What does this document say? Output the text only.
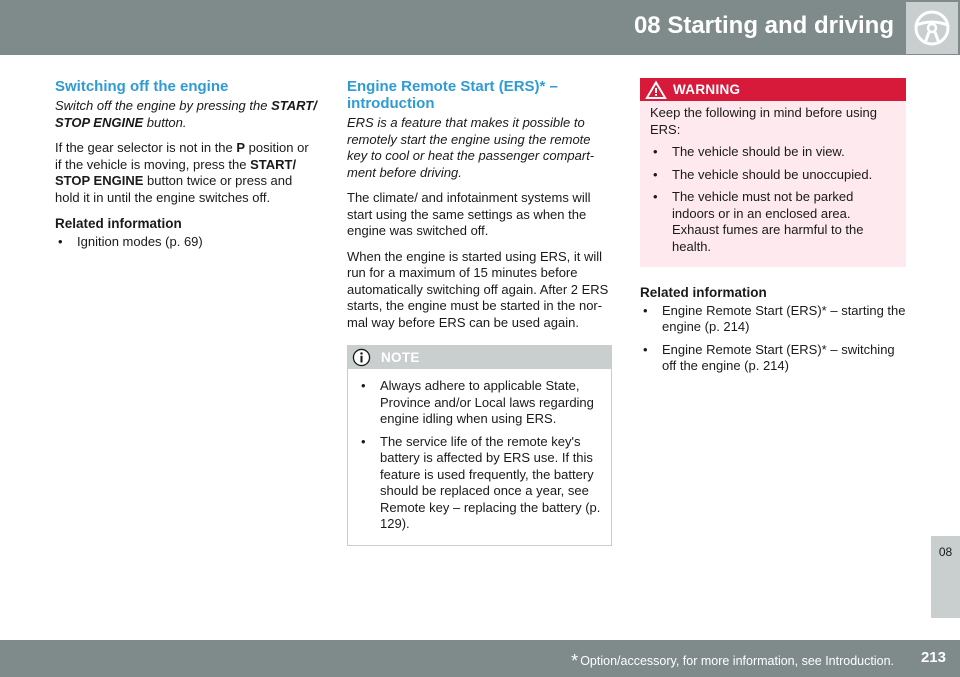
08 Starting and driving
Switching off the engine

Switch off the engine by pressing the START/ STOP ENGINE button.

If the gear selector is not in the P position or if the vehicle is moving, press the START/ STOP ENGINE button twice or press and hold it in until the engine switches off.

Related information
• Ignition modes (p. 69)
Engine Remote Start (ERS)* – introduction

ERS is a feature that makes it possible to remotely start the engine using the remote key to cool or heat the passenger compart- ment before driving.

The climate/ and infotainment systems will start using the same settings as when the engine was switched off.

When the engine is started using ERS, it will run for a maximum of 15 minutes before automatically switching off again. After 2 ERS starts, the engine must be started in the nor- mal way before ERS can be used again.

NOTE
• Always adhere to applicable State, Province and/or Local laws regarding engine idling when using ERS.
• The service life of the remote key's battery is affected by ERS use. If this feature is used frequently, the battery should be replaced once a year, see Remote key – replacing the battery (p. 129).
WARNING

Keep the following in mind before using ERS:

• The vehicle should be in view.
• The vehicle should be unoccupied.
• The vehicle must not be parked indoors or in an enclosed area. Exhaust fumes are harmful to the health.
Related information
• Engine Remote Start (ERS)* – starting the engine (p. 214)
• Engine Remote Start (ERS)* – switching off the engine (p. 214)
08
* Option/accessory, for more information, see Introduction. 213
